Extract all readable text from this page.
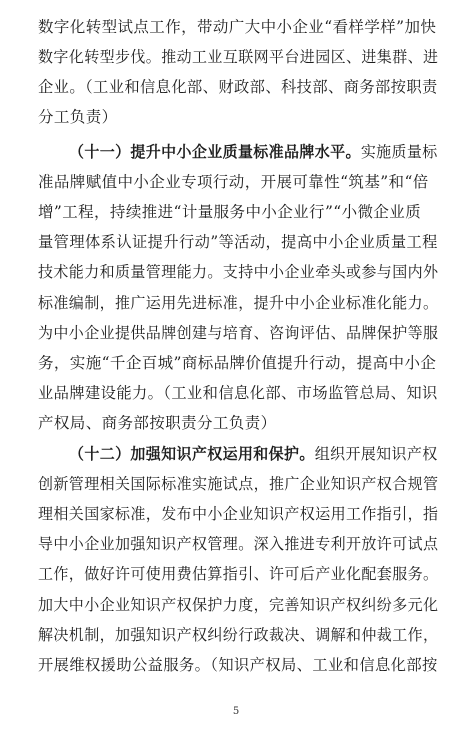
数字化转型试点工作，带动广大中小企业“看样学样”加快
数字化转型步伐。推动工业互联网平台进园区、进集群、进
企业。（工业和信息化部、财政部、科技部、商务部按职责
分工负责）
（十一）提升中小企业质量标准品牌水平。实施质量标
准品牌赋值中小企业专项行动，开展可靠性“筑基”和“倍
增”工程，持续推进“计量服务中小企业行”“小微企业质
量管理体系认证提升行动”等活动，提高中小企业质量工程
技术能力和质量管理能力。支持中小企业牵头或参与国内外
标准编制，推广运用先进标准，提升中小企业标准化能力。
为中小企业提供品牌创建与培育、咨询评估、品牌保护等服
务，实施“千企百城”商标品牌价值提升行动，提高中小企
业品牌建设能力。（工业和信息化部、市场监管总局、知识
产权局、商务部按职责分工负责）
（十二）加强知识产权运用和保护。组织开展知识产权
创新管理相关国际标准实施试点，推广企业知识产权合规管
理相关国家标准，发布中小企业知识产权运用工作指引，指
导中小企业加强知识产权管理。深入推进专利开放许可试点
工作，做好许可使用费估算指引、许可后产业化配套服务。
加大中小企业知识产权保护力度，完善知识产权纠纷多元化
解决机制，加强知识产权纠纷行政裁决、调解和仲裁工作，
开展维权援助公益服务。（知识产权局、工业和信息化部按
5
